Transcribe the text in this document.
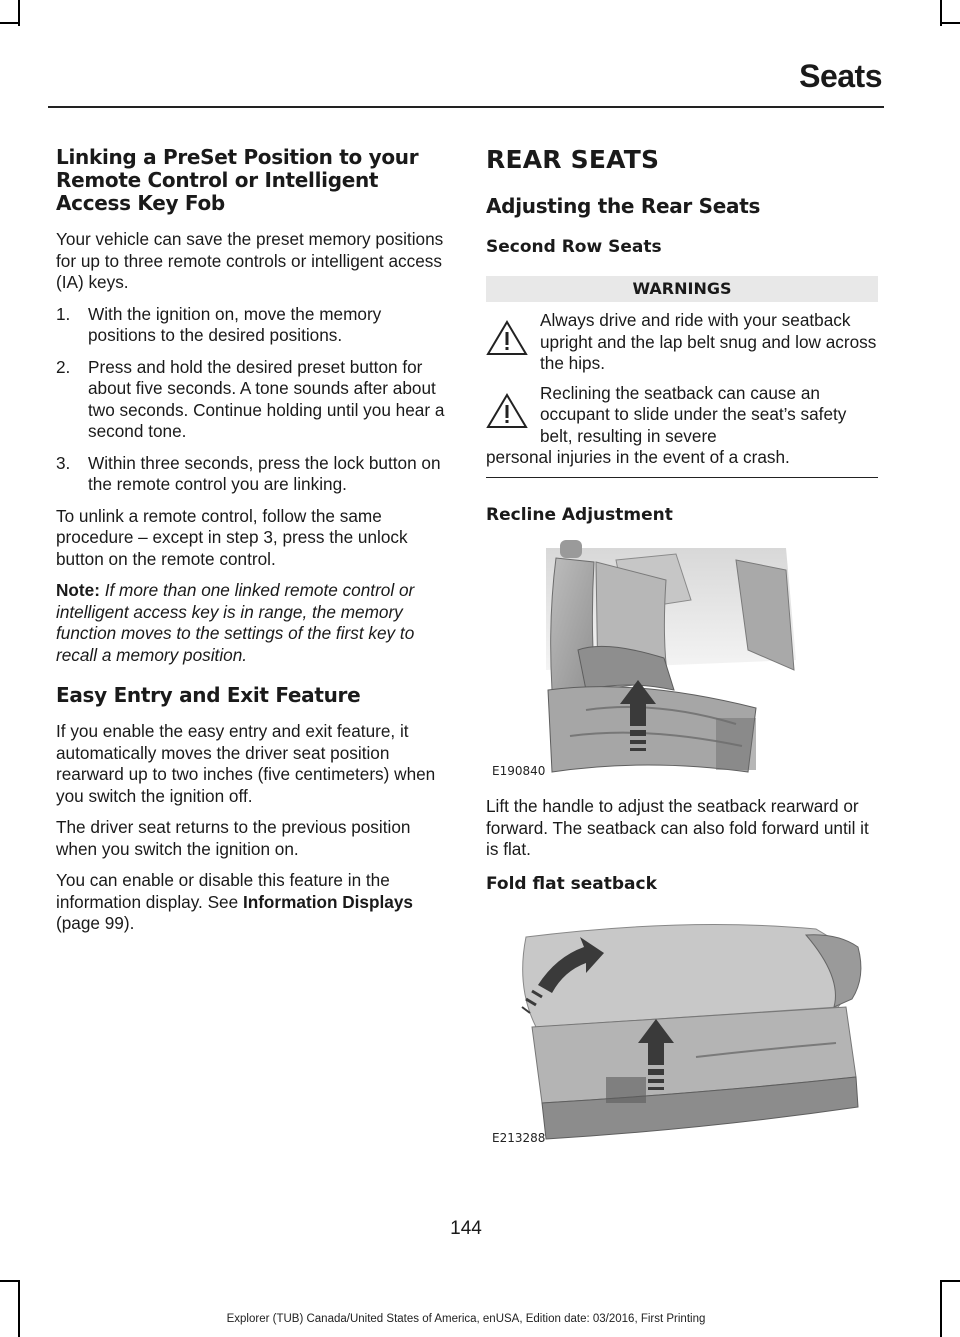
Seats
Linking a PreSet Position to your Remote Control or Intelligent Access Key Fob

Your vehicle can save the preset memory positions for up to three remote controls or intelligent access (IA) keys.

1. With the ignition on, move the memory positions to the desired positions.
2. Press and hold the desired preset button for about five seconds. A tone sounds after about two seconds. Continue holding until you hear a second tone.
3. Within three seconds, press the lock button on the remote control you are linking.

To unlink a remote control, follow the same procedure – except in step 3, press the unlock button on the remote control.

Note: If more than one linked remote control or intelligent access key is in range, the memory function moves to the settings of the first key to recall a memory position.

Easy Entry and Exit Feature

If you enable the easy entry and exit feature, it automatically moves the driver seat position rearward up to two inches (five centimeters) when you switch the ignition off.

The driver seat returns to the previous position when you switch the ignition on.

You can enable or disable this feature in the information display. See Information Displays (page 99).

REAR SEATS
Adjusting the Rear Seats
Second Row Seats
WARNINGS
Always drive and ride with your seatback upright and the lap belt snug and low across the hips.
Reclining the seatback can cause an occupant to slide under the seat’s safety belt, resulting in severe
personal injuries in the event of a crash.
Recline Adjustment
E190840

Lift the handle to adjust the seatback rearward or forward. The seatback can also fold forward until it is flat.

Fold flat seatback
E213288
144
Explorer (TUB) Canada/United States of America, enUSA, Edition date: 03/2016, First Printing
